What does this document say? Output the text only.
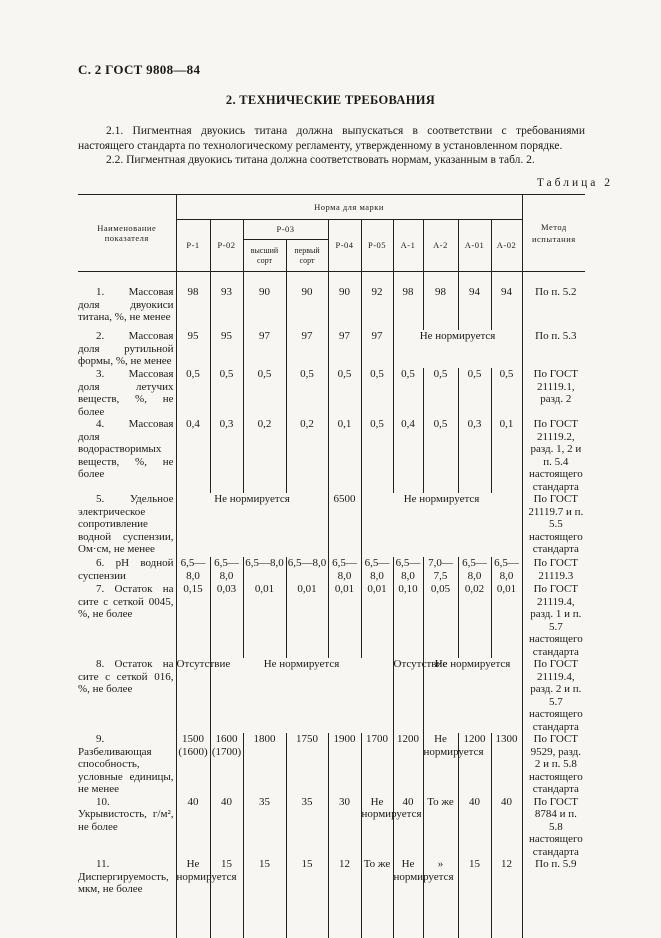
С. 2 ГОСТ 9808—84
2. ТЕХНИЧЕСКИЕ ТРЕБОВАНИЯ
2.1. Пигментная двуокись титана должна выпускаться в соответствии с требованиями настоящего стандарта по технологическому регламенту, утвержденному в установленном порядке.
2.2. Пигментная двуокись титана должна соответствовать нормам, указанным в табл. 2.
Таблица 2
Наименование показателя	Норма для марки										Метод испытания
	Р-1	Р-02	Р-03		Р-04	Р-05	А-1	А-2	А-01	А-02	
			высший сорт	первый сорт							

1. Массовая доля двуокиси титана, %, не менее	98	93	90	90	90	92	98	98	94	94	По п. 5.2

2. Массовая доля рутильной формы, %, не менее	95	95	97	97	97	97	Не нормируется				По п. 5.3

3. Массовая доля летучих веществ, %, не более	0,5	0,5	0,5	0,5	0,5	0,5	0,5	0,5	0,5	0,5	По ГОСТ 21119.1, разд. 2

4. Массовая доля водорастворимых веществ, %, не более	0,4	0,3	0,2	0,2	0,1	0,5	0,4	0,5	0,3	0,1	По ГОСТ 21119.2, разд. 1, 2 и п. 5.4 настоящего стандарта

5. Удельное электрическое сопротивление водной суспензии, Ом·см, не менее	Не нормируется				6500	Не нормируется					По ГОСТ 21119.7 и п. 5.5 настоящего стандарта

6. рН водной суспензии	6,5—8,0	6,5—8,0	6,5—8,0	6,5—8,0	6,5—8,0	6,5—8,0	6,5—8,0	7,0—7,5	6,5—8,0	6,5—8,0	По ГОСТ 21119.3

7. Остаток на сите с сеткой 0045, %, не более	0,15	0,03	0,01	0,01	0,01	0,01	0,10	0,05	0,02	0,01	По ГОСТ 21119.4, разд. 1 и п. 5.7 настоящего стандарта

8. Остаток на сите с сеткой 016, %, не более	Отсутствие	Не нормируется					Отсутствие	Не нормируется			По ГОСТ 21119.4, разд. 2 и п. 5.7 настоящего стандарта

9. Разбеливающая способность, условные единицы, не менее	1500 (1600)	1600 (1700)	1800	1750	1900	1700	1200	Не нормируется	1200	1300	По ГОСТ 9529, разд. 2 и п. 5.8 настоящего стандарта

10. Укрывистость, г/м², не более	40	40	35	35	30	Не нормируется	40	То же	40	40	По ГОСТ 8784 и п. 5.8 настоящего стандарта

11. Диспергируемость, мкм, не более	Не нормируется	15	15	15	12	То же	Не нормируется	»	15	12	По п. 5.9
